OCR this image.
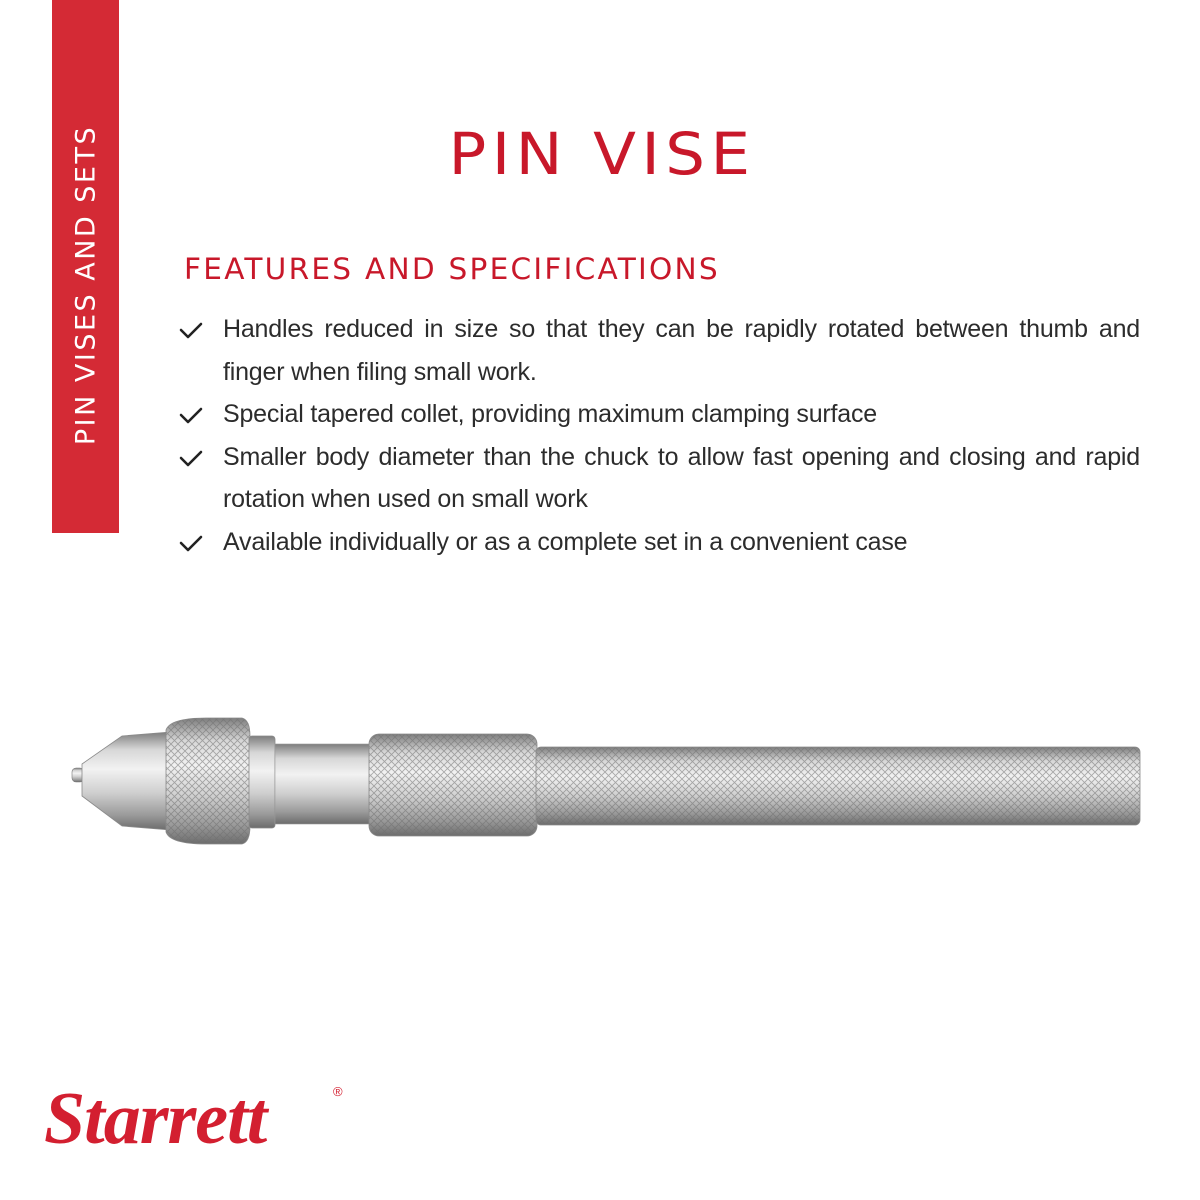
PIN VISES AND SETS	PIN VISE
FEATURES AND SPECIFICATIONS
Handles reduced in size so that they can be rapidly rotated between thumb and finger when filing small work.
Special tapered collet, providing maximum clamping surface
Smaller body diameter than the chuck to allow fast opening and closing and rapid rotation when used on small work
Available individually or as a complete set in a convenient case
Starrett	®
